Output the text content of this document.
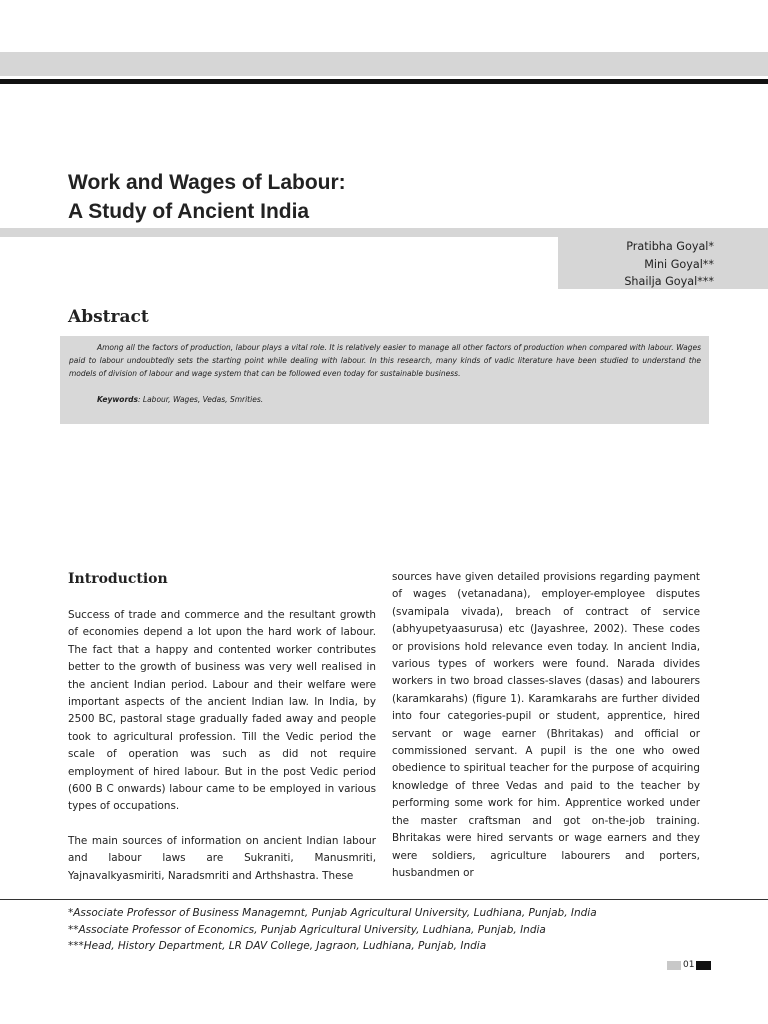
Work and Wages of Labour:
A Study of Ancient India
Pratibha Goyal*
Mini Goyal**
Shailja Goyal***
Abstract

Among all the factors of production, labour plays a vital role. It is relatively easier to manage all other factors of production when compared with labour. Wages paid to labour undoubtedly sets the starting point while dealing with labour. In this research, many kinds of vadic literature have been studied to understand the models of division of labour and wage system that can be followed even today for sustainable business.

Keywords: Labour, Wages, Vedas, Smrities.
Introduction

Success of trade and commerce and the resultant growth of economies depend a lot upon the hard work of labour. The fact that a happy and contented worker contributes better to the growth of business was very well realised in the ancient Indian period. Labour and their welfare were important aspects of the ancient Indian law. In India, by 2500 BC, pastoral stage gradually faded away and people took to agricultural profession. Till the Vedic period the scale of operation was such as did not require employment of hired labour. But in the post Vedic period (600 B C onwards) labour came to be employed in various types of occupations.

The main sources of information on ancient Indian labour and labour laws are Sukraniti, Manusmriti, Yajnavalkyasmiriti, Naradsmriti and Arthshastra. These

sources have given detailed provisions regarding payment of wages (vetanadana), employer-employee disputes (svamipala vivada), breach of contract of service (abhyupetyaasurusa) etc (Jayashree, 2002). These codes or provisions hold relevance even today. In ancient India, various types of workers were found. Narada divides workers in two broad classes-slaves (dasas) and labourers (karamkarahs) (figure 1). Karamkarahs are further divided into four categories-pupil or student, apprentice, hired servant or wage earner (Bhritakas) and official or commissioned servant. A pupil is the one who owed obedience to spiritual teacher for the purpose of acquiring knowledge of three Vedas and paid to the teacher by performing some work for him. Apprentice worked under the master craftsman and got on-the-job training. Bhritakas were hired servants or wage earners and they were soldiers, agriculture labourers and porters, husbandmen or

*Associate Professor of Business Managemnt, Punjab Agricultural University, Ludhiana, Punjab, India
**Associate Professor of Economics, Punjab Agricultural University, Ludhiana, Punjab, India
***Head, History Department, LR DAV College, Jagraon, Ludhiana, Punjab, India
01
